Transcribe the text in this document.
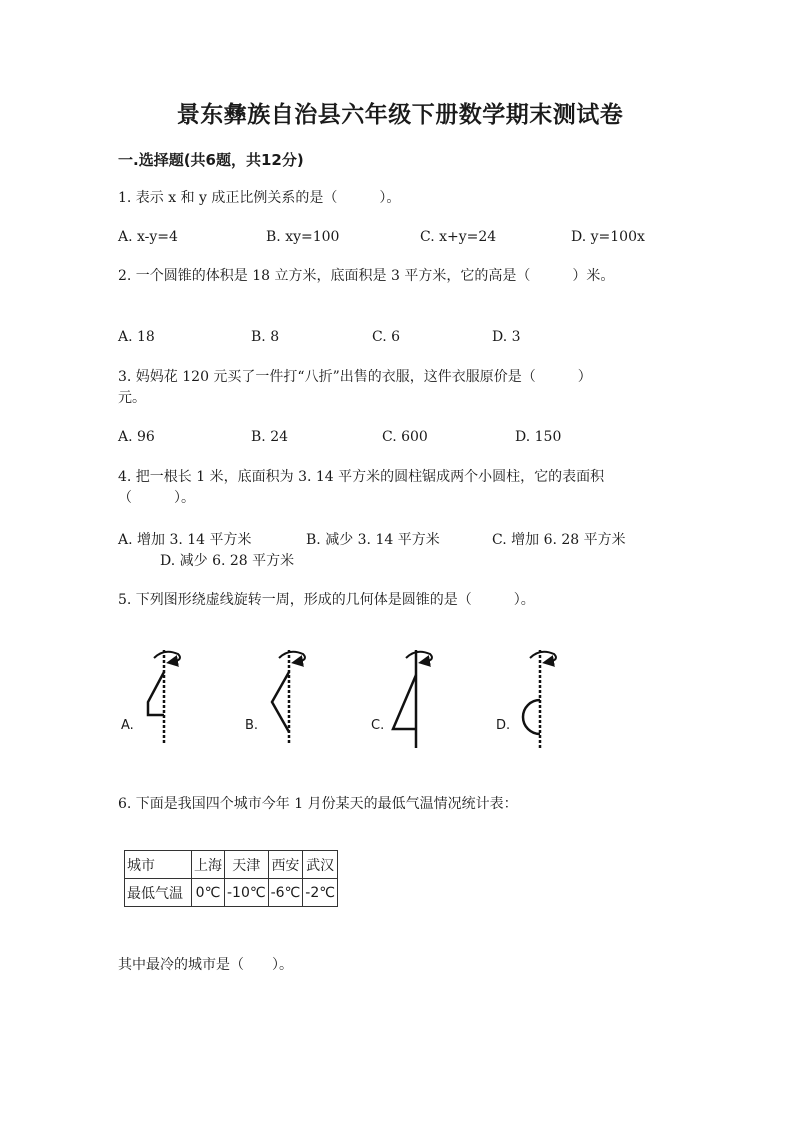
景东彝族自治县六年级下册数学期末测试卷
一.选择题(共6题，共12分)
1. 表示 x 和 y 成正比例关系的是（　　　）。
A. x-y=4	B. xy=100	C. x+y=24	D. y=100x
2. 一个圆锥的体积是 18 立方米，底面积是 3 平方米，它的高是（　　　）米。
A. 18	B. 8	C. 6	D. 3
3. 妈妈花 120 元买了一件打“八折”出售的衣服，这件衣服原价是（　　　）
元。
A. 96	B. 24	C. 600	D. 150
4. 把一根长 1 米，底面积为 3. 14 平方米的圆柱锯成两个小圆柱，它的表面积
（　　　）。
A. 增加 3. 14 平方米	B. 减少 3. 14 平方米	C. 增加 6. 28 平方米
D. 减少 6. 28 平方米
5. 下列图形绕虚线旋转一周，形成的几何体是圆锥的是（　　　）。
A.	B.	C.	D.
6. 下面是我国四个城市今年 1 月份某天的最低气温情况统计表：
城市	上海	天津	西安	武汉
最低气温	0℃	-10℃	-6℃	-2℃
其中最冷的城市是（　　）。
